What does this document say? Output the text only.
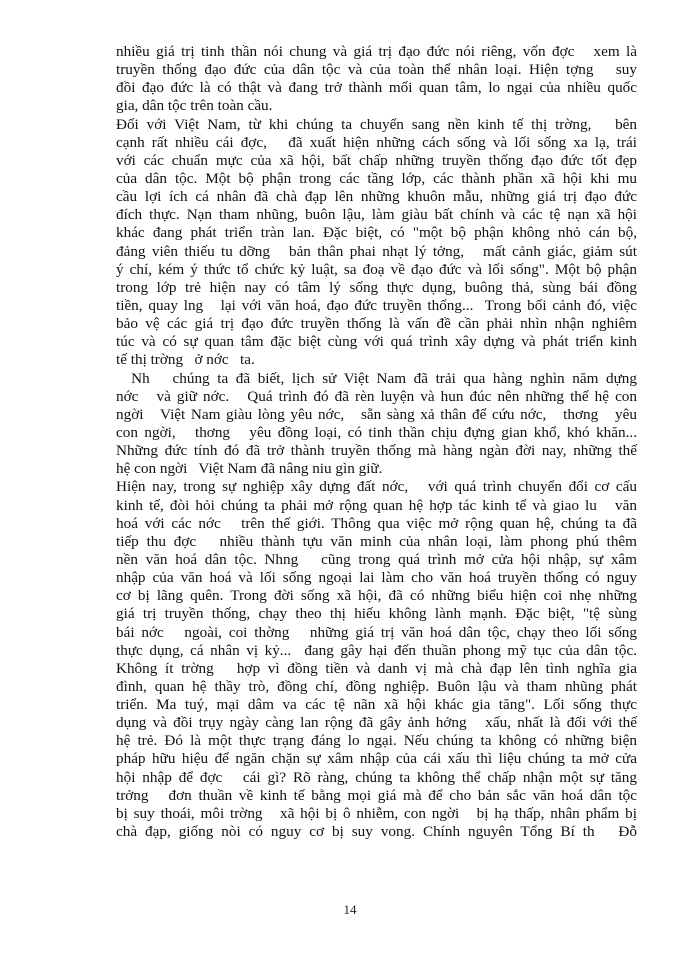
nhiều giá trị tinh thần nói chung và giá trị đạo đức nói riêng, vốn đợc   xem là
truyền thống đạo đức của dân tộc và của toàn thể nhân loại. Hiện tợng   suy
đồi đạo đức là có thật và đang trở thành mối quan tâm, lo ngại của nhiều quốc
gia, dân tộc trên toàn cầu.
Đối với Việt Nam, từ khi chúng ta chuyển sang nền kinh tế thị trờng,   bên
cạnh rất nhiều cái đợc,   đã xuất hiện những cách sống và lối sống xa lạ, trái
với các chuẩn mực của xã hội, bất chấp những truyền thống đạo đức tốt đẹp
của dân tộc. Một bộ phận trong các tầng lớp, các thành phần xã hội khi mu
cầu lợi ích cá nhân đã chà đạp lên những khuôn mẫu, những giá trị đạo đức
đích thực. Nạn tham nhũng, buôn lậu, làm giàu bất chính và các tệ nạn xã hội
khác đang phát triển tràn lan. Đặc biệt, có "một bộ phận không nhỏ cán bộ,
đảng viên thiếu tu dỡng   bản thân phai nhạt lý tởng,   mất cảnh giác, giảm sút
ý chí, kém ý thức tổ chức kỷ luật, sa đoạ về đạo đức và lối sống". Một bộ phận
trong lớp trẻ hiện nay có tâm lý sống thực dụng, buông thả, sùng bái đồng
tiền, quay lng   lại với văn hoá, đạo đức truyền thống...  Trong bối cảnh đó, việc
bảo vệ các giá trị đạo đức truyền thống là vấn đề cần phải nhìn nhận nghiêm
túc và có sự quan tâm đặc biệt cùng với quá trình xây dựng và phát triển kinh
tế thị trờng   ở nớc   ta.
Nh   chúng ta đã biết, lịch sử Việt Nam đã trải qua hàng nghìn năm dựng
nớc   và giữ nớc.   Quá trình đó đã rèn luyện và hun đúc nên những thế hệ con
ngời   Việt Nam giàu lòng yêu nớc,   sẵn sàng xả thân để cứu nớc,   thơng   yêu
con ngời,   thơng   yêu đồng loại, có tinh thần chịu đựng gian khổ, khó khăn...
Những đức tính đó đã trở thành truyền thống mà hàng ngàn đời nay, những thế
hệ con ngời   Việt Nam đã nâng niu gìn giữ.
Hiện nay, trong sự nghiệp xây dựng đất nớc,   với quá trình chuyển đổi cơ cấu
kinh tế, đòi hỏi chúng ta phải mở rộng quan hệ hợp tác kinh tế và giao lu   văn
hoá với các nớc   trên thế giới. Thông qua việc mở rộng quan hệ, chúng ta đã
tiếp thu đợc   nhiều thành tựu văn minh của nhân loại, làm phong phú thêm
nền văn hoá dân tộc. Nhng   cũng trong quá trình mở cửa hội nhập, sự xâm
nhập của văn hoá và lối sống ngoại lai làm cho văn hoá truyền thống có nguy
cơ bị lãng quên. Trong đời sống xã hội, đã có những biểu hiện coi nhẹ những
giá trị truyền thống, chạy theo thị hiếu không lành mạnh. Đặc biệt, "tệ sùng
bái nớc   ngoài, coi thờng   những giá trị văn hoá dân tộc, chạy theo lối sống
thực dụng, cá nhân vị kỷ...  đang gây hại đến thuần phong mỹ tục của dân tộc.
Không ít trờng   hợp vì đồng tiền và danh vị mà chà đạp lên tình nghĩa gia
đình, quan hệ thầy trò, đồng chí, đồng nghiệp. Buôn lậu và tham nhũng phát
triển. Ma tuý, mại dâm va các tệ nãn xã hội khác gia tăng". Lối sống thực
dụng và đồi trụy ngày càng lan rộng đã gây ảnh hởng   xấu, nhất là đối với thế
hệ trẻ. Đó là một thực trạng đáng lo ngại. Nếu chúng ta không có những biện
pháp hữu hiệu để ngăn chặn sự xâm nhập của cái xấu thì liệu chúng ta mở cửa
hội nhập để đợc   cái gì? Rõ ràng, chúng ta không thể chấp nhận một sự tăng
trởng   đơn thuần về kinh tế bằng mọi giá mà để cho bản sắc văn hoá dân tộc
bị suy thoái, môi trờng   xã hội bị ô nhiễm, con ngời   bị hạ thấp, nhân phẩm bị
chà đạp, giống nòi có nguy cơ bị suy vong. Chính nguyên Tổng Bí th   Đỗ
14
